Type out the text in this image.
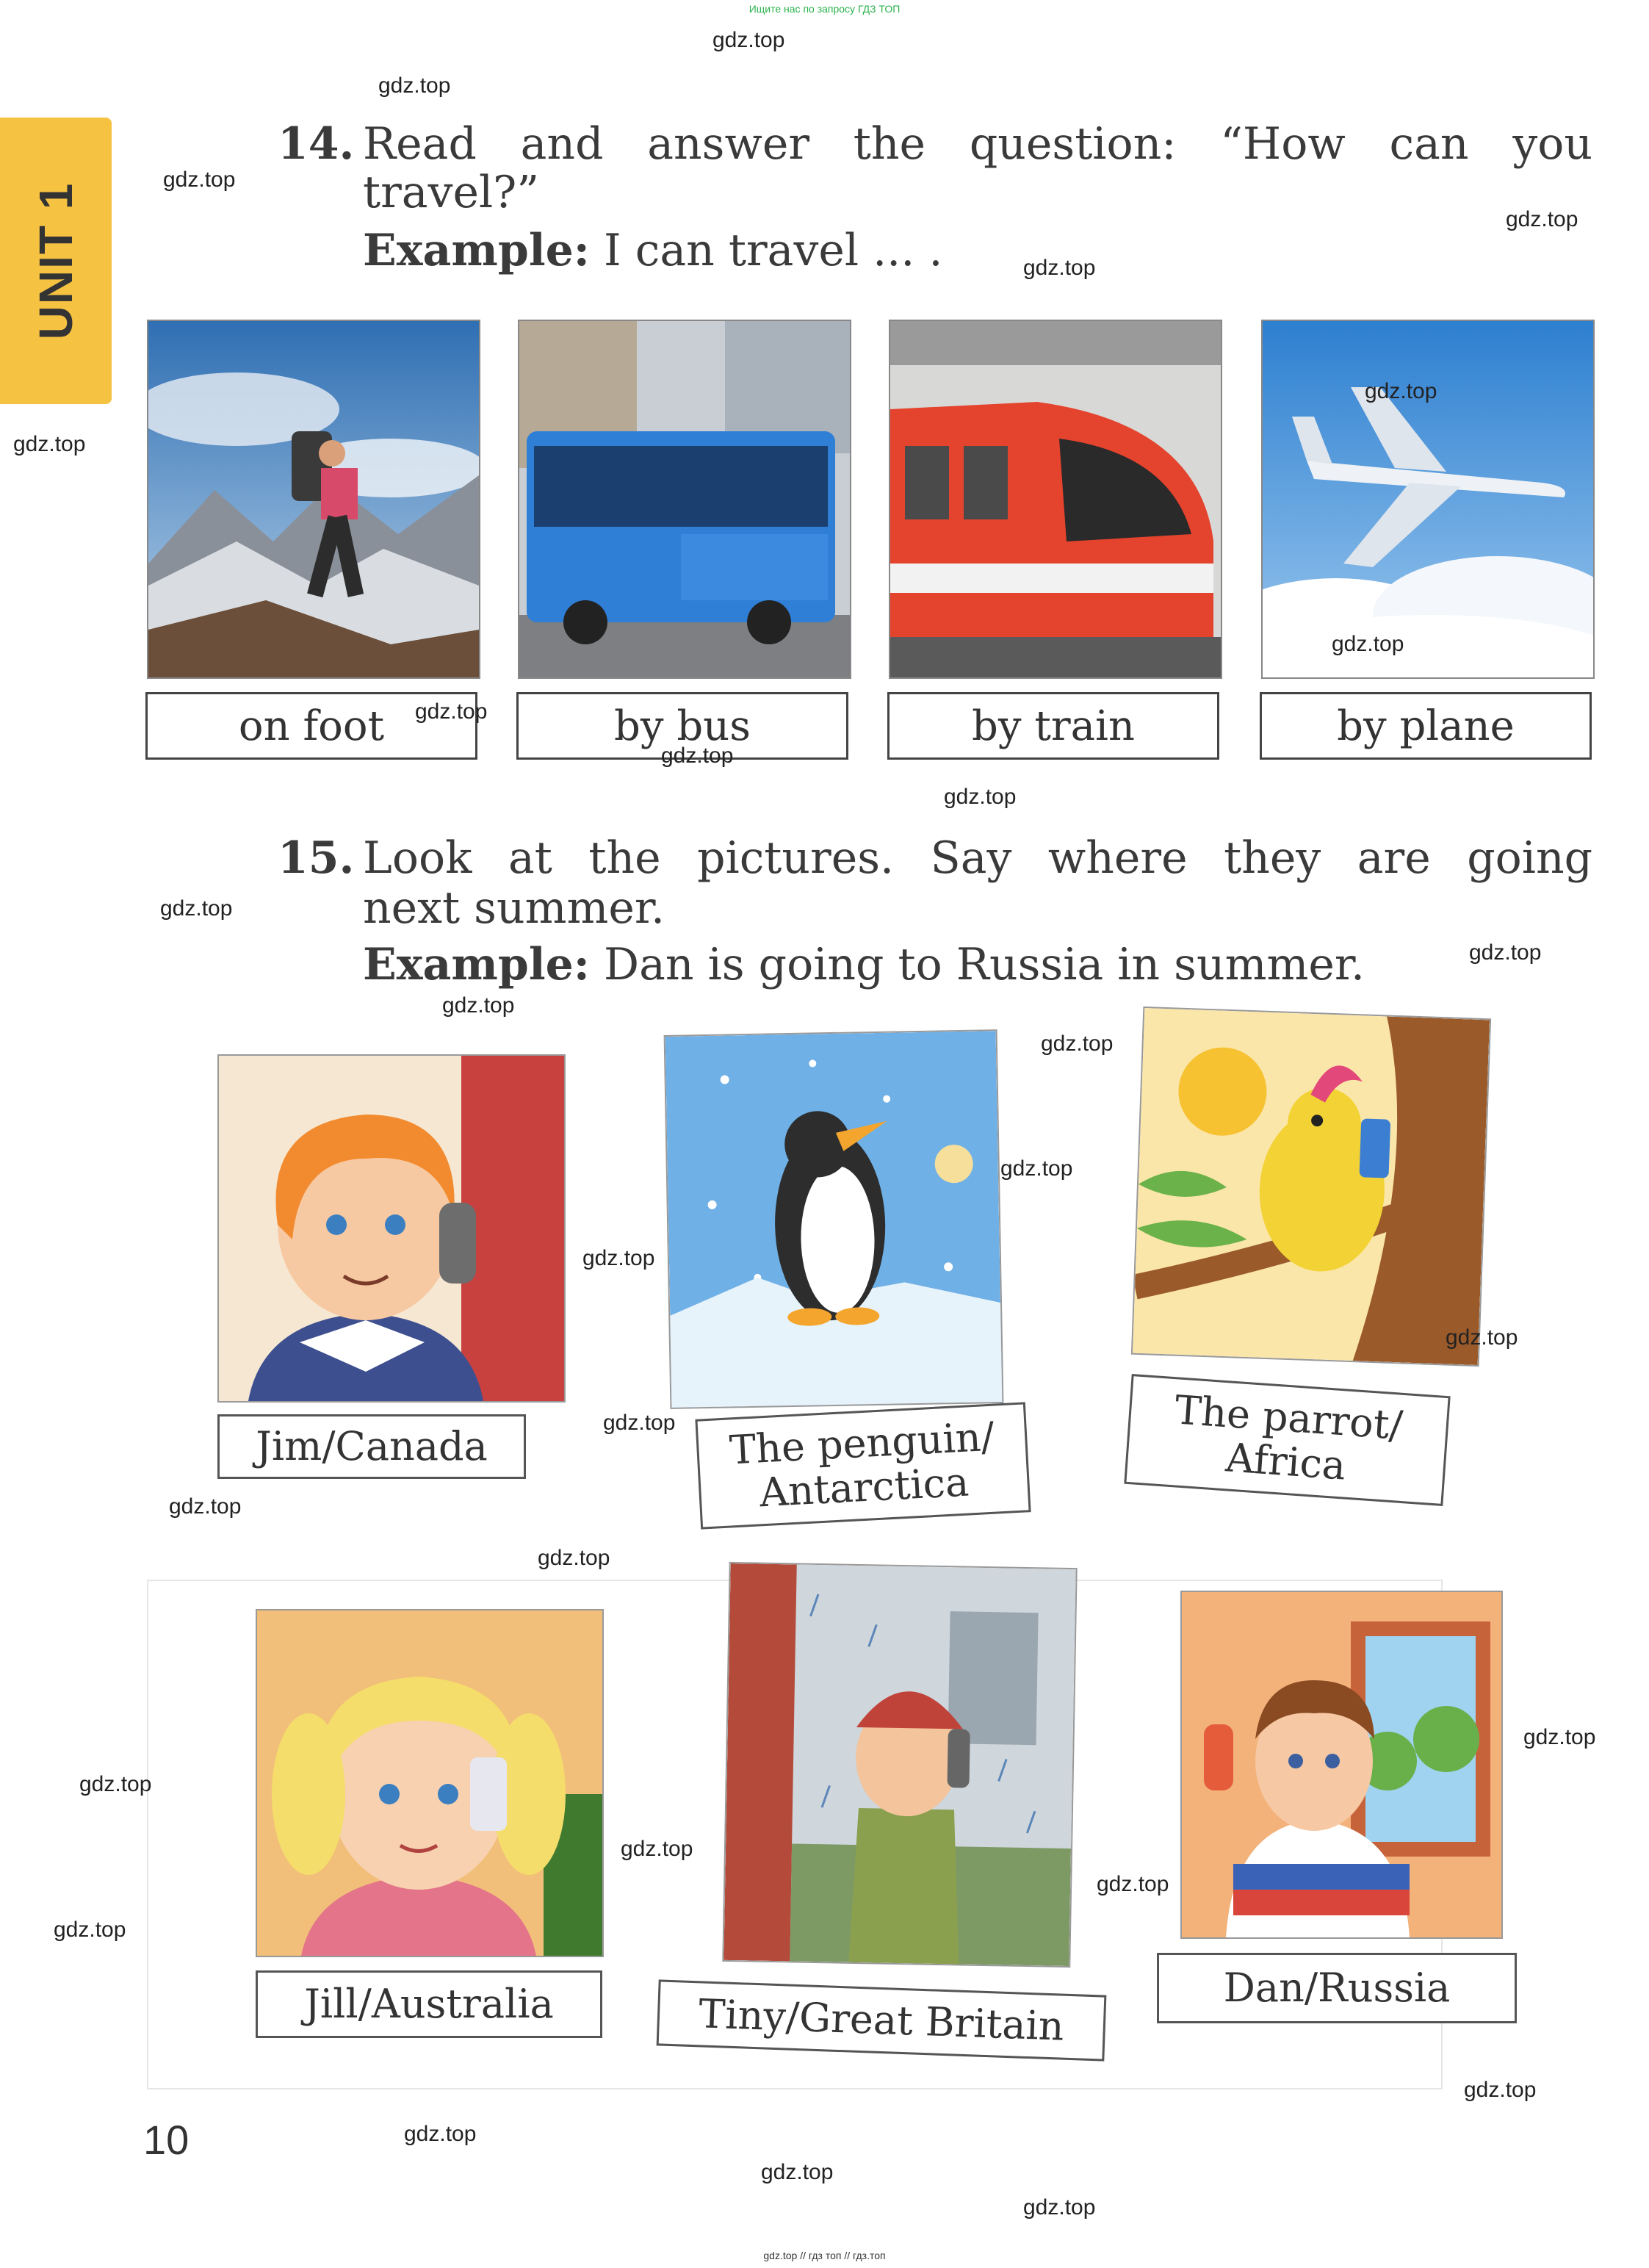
Ищите нас по запросу ГДЗ ТОП
gdz.top // гдз топ // гдз.топ
UNIT 1
14. Read and answer the question: “How can you
travel?”
Example: I can travel ... .
on foot	by bus	by train	by plane
15. Look at the pictures. Say where they are going
next summer.
Example: Dan is going to Russia in summer.
Jim/Canada	The penguin/
Antarctica
The parrot/
Africa
Jill/Australia	Tiny/Great Britain
Dan/Russia
10
gdz.top
gdz.top
gdz.top
gdz.top
gdz.top
gdz.top
gdz.top
gdz.top
gdz.top
gdz.top
gdz.top
gdz.top
gdz.top
gdz.top
gdz.top
gdz.top
gdz.top
gdz.top
gdz.top
gdz.top
gdz.top
gdz.top
gdz.top
gdz.top
gdz.top
gdz.top
gdz.top
gdz.top
gdz.top
gdz.top
